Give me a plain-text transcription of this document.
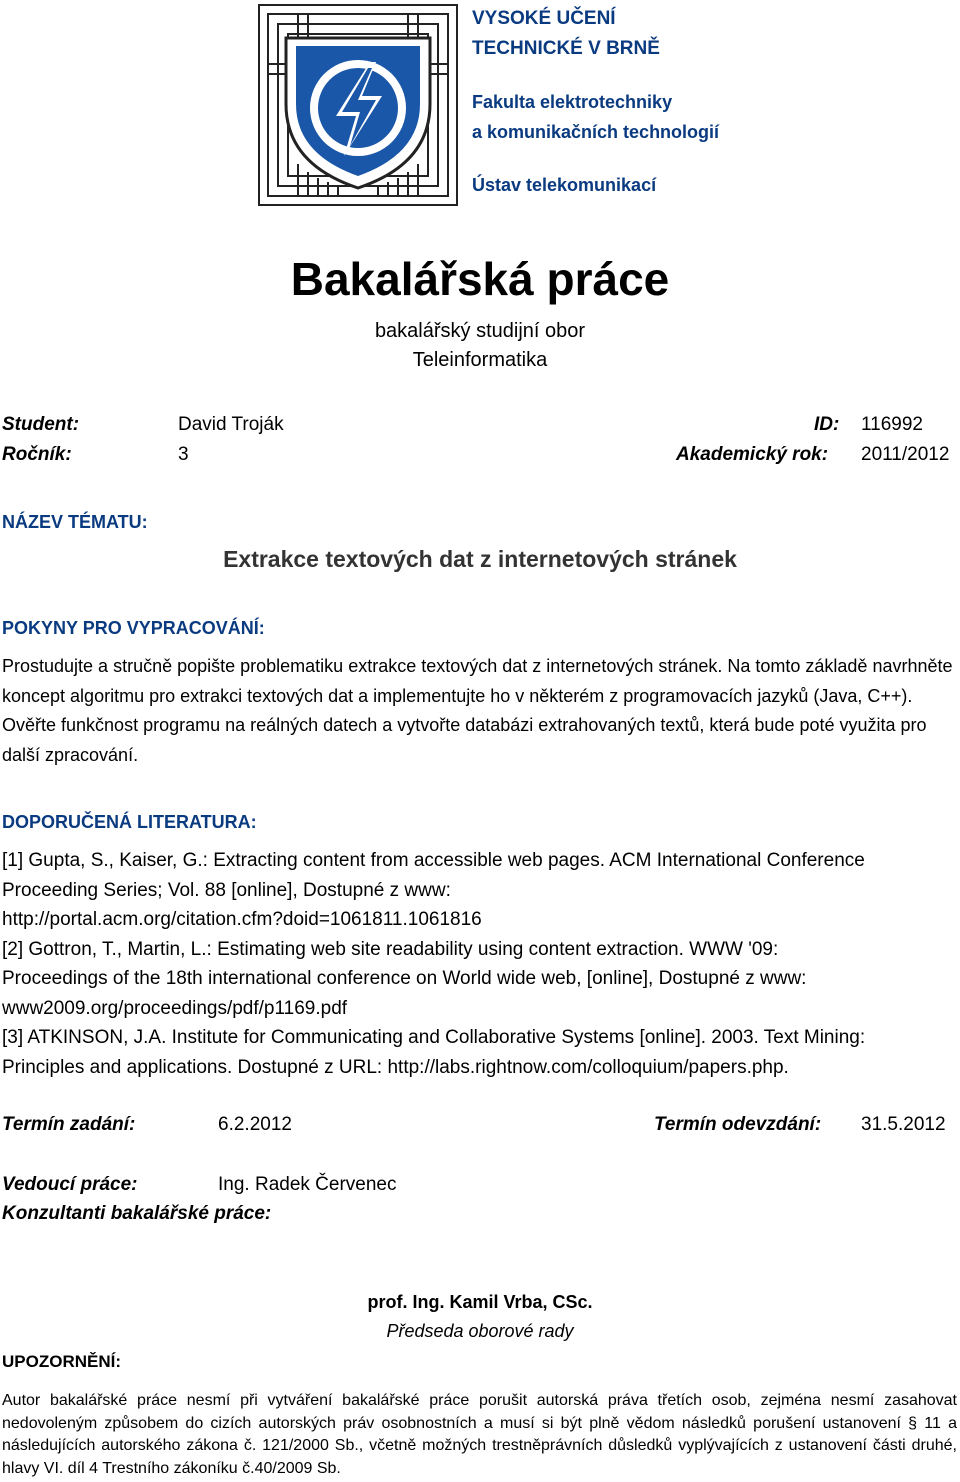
VYSOKÉ UČENÍ
TECHNICKÉ V BRNĚ
Fakulta elektrotechniky
a komunikačních technologií
Ústav telekomunikací
Bakalářská práce
bakalářský studijní obor
Teleinformatika
Student:	David Troják	ID: 116992
Ročník:	3	Akademický rok: 2011/2012
NÁZEV TÉMATU:
Extrakce textových dat z internetových stránek
POKYNY PRO VYPRACOVÁNÍ:
Prostudujte a stručně popište problematiku extrakce textových dat z internetových stránek. Na tomto základě navrhněte koncept algoritmu pro extrakci textových dat a implementujte ho v některém z programovacích jazyků (Java, C++). Ověřte funkčnost programu na reálných datech a vytvořte databázi extrahovaných textů, která bude poté využita pro další zpracování.
DOPORUČENÁ LITERATURA:
[1] Gupta, S., Kaiser, G.: Extracting content from accessible web pages. ACM International Conference
Proceeding Series; Vol. 88 [online], Dostupné z www:
http://portal.acm.org/citation.cfm?doid=1061811.1061816
[2] Gottron, T., Martin, L.: Estimating web site readability using content extraction. WWW '09:
Proceedings of the 18th international conference on World wide web, [online], Dostupné z www:
www2009.org/proceedings/pdf/p1169.pdf
[3] ATKINSON, J.A. Institute for Communicating and Collaborative Systems [online]. 2003. Text Mining:
Principles and applications. Dostupné z URL: http://labs.rightnow.com/colloquium/papers.php.
Termín zadání:	6.2.2012	Termín odevzdání: 31.5.2012
Vedoucí práce:	Ing. Radek Červenec
Konzultanti bakalářské práce:
prof. Ing. Kamil Vrba, CSc.
Předseda oborové rady
UPOZORNĚNÍ:
Autor bakalářské práce nesmí při vytváření bakalářské práce porušit autorská práva třetích osob, zejména nesmí zasahovat nedovoleným způsobem do cizích autorských práv osobnostních a musí si být plně vědom následků porušení ustanovení § 11 a následujících autorského zákona č. 121/2000 Sb., včetně možných trestněprávních důsledků vyplývajících z ustanovení části druhé, hlavy VI. díl 4 Trestního zákoníku č.40/2009 Sb.
